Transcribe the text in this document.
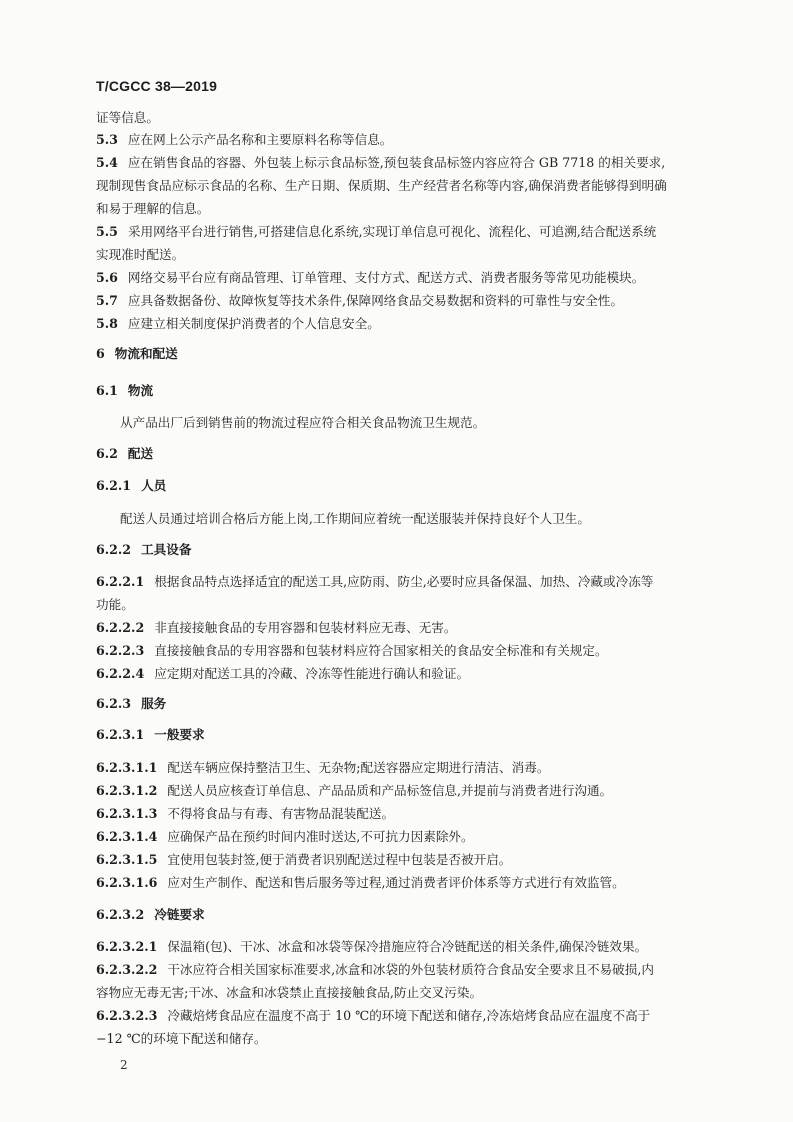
T/CGCC 38—2019
证等信息。
5.3 应在网上公示产品名称和主要原料名称等信息。
5.4 应在销售食品的容器、外包装上标示食品标签,预包装食品标签内容应符合 GB 7718 的相关要求,
现制现售食品应标示食品的名称、生产日期、保质期、生产经营者名称等内容,确保消费者能够得到明确
和易于理解的信息。
5.5 采用网络平台进行销售,可搭建信息化系统,实现订单信息可视化、流程化、可追溯,结合配送系统
实现准时配送。
5.6 网络交易平台应有商品管理、订单管理、支付方式、配送方式、消费者服务等常见功能模块。
5.7 应具备数据备份、故障恢复等技术条件,保障网络食品交易数据和资料的可靠性与安全性。
5.8 应建立相关制度保护消费者的个人信息安全。
6 物流和配送
6.1 物流
从产品出厂后到销售前的物流过程应符合相关食品物流卫生规范。
6.2 配送
6.2.1 人员
配送人员通过培训合格后方能上岗,工作期间应着统一配送服装并保持良好个人卫生。
6.2.2 工具设备
6.2.2.1 根据食品特点选择适宜的配送工具,应防雨、防尘,必要时应具备保温、加热、冷藏或冷冻等
功能。
6.2.2.2 非直接接触食品的专用容器和包装材料应无毒、无害。
6.2.2.3 直接接触食品的专用容器和包装材料应符合国家相关的食品安全标准和有关规定。
6.2.2.4 应定期对配送工具的冷藏、冷冻等性能进行确认和验证。
6.2.3 服务
6.2.3.1 一般要求
6.2.3.1.1 配送车辆应保持整洁卫生、无杂物;配送容器应定期进行清洁、消毒。
6.2.3.1.2 配送人员应核查订单信息、产品品质和产品标签信息,并提前与消费者进行沟通。
6.2.3.1.3 不得将食品与有毒、有害物品混装配送。
6.2.3.1.4 应确保产品在预约时间内准时送达,不可抗力因素除外。
6.2.3.1.5 宜使用包装封签,便于消费者识别配送过程中包装是否被开启。
6.2.3.1.6 应对生产制作、配送和售后服务等过程,通过消费者评价体系等方式进行有效监管。
6.2.3.2 冷链要求
6.2.3.2.1 保温箱(包)、干冰、冰盒和冰袋等保冷措施应符合冷链配送的相关条件,确保冷链效果。
6.2.3.2.2 干冰应符合相关国家标准要求,冰盒和冰袋的外包装材质符合食品安全要求且不易破损,内
容物应无毒无害;干冰、冰盒和冰袋禁止直接接触食品,防止交叉污染。
6.2.3.2.3 冷藏焙烤食品应在温度不高于 10 ℃的环境下配送和储存,冷冻焙烤食品应在温度不高于
−12 ℃的环境下配送和储存。
2
